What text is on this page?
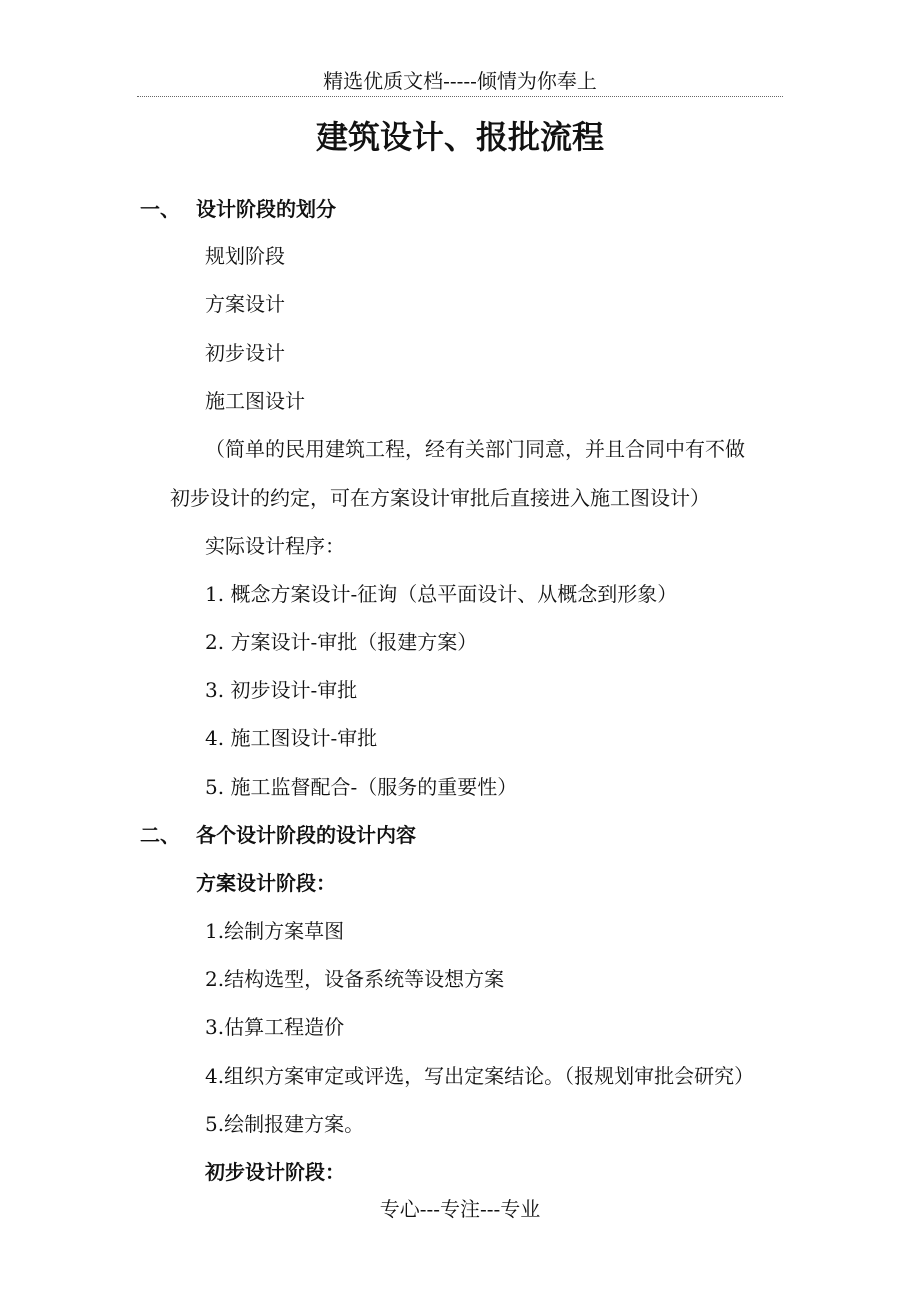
精选优质文档-----倾情为你奉上
建筑设计、报批流程
一、 设计阶段的划分
规划阶段
方案设计
初步设计
施工图设计
（简单的民用建筑工程，经有关部门同意，并且合同中有不做
初步设计的约定，可在方案设计审批后直接进入施工图设计）
实际设计程序：
1. 概念方案设计-征询（总平面设计、从概念到形象）
2. 方案设计-审批（报建方案）
3. 初步设计-审批
4. 施工图设计-审批
5. 施工监督配合-（服务的重要性）
二、 各个设计阶段的设计内容
方案设计阶段：
1.绘制方案草图
2.结构选型，设备系统等设想方案
3.估算工程造价
4.组织方案审定或评选，写出定案结论。（报规划审批会研究）
5.绘制报建方案。
初步设计阶段：
专心---专注---专业
